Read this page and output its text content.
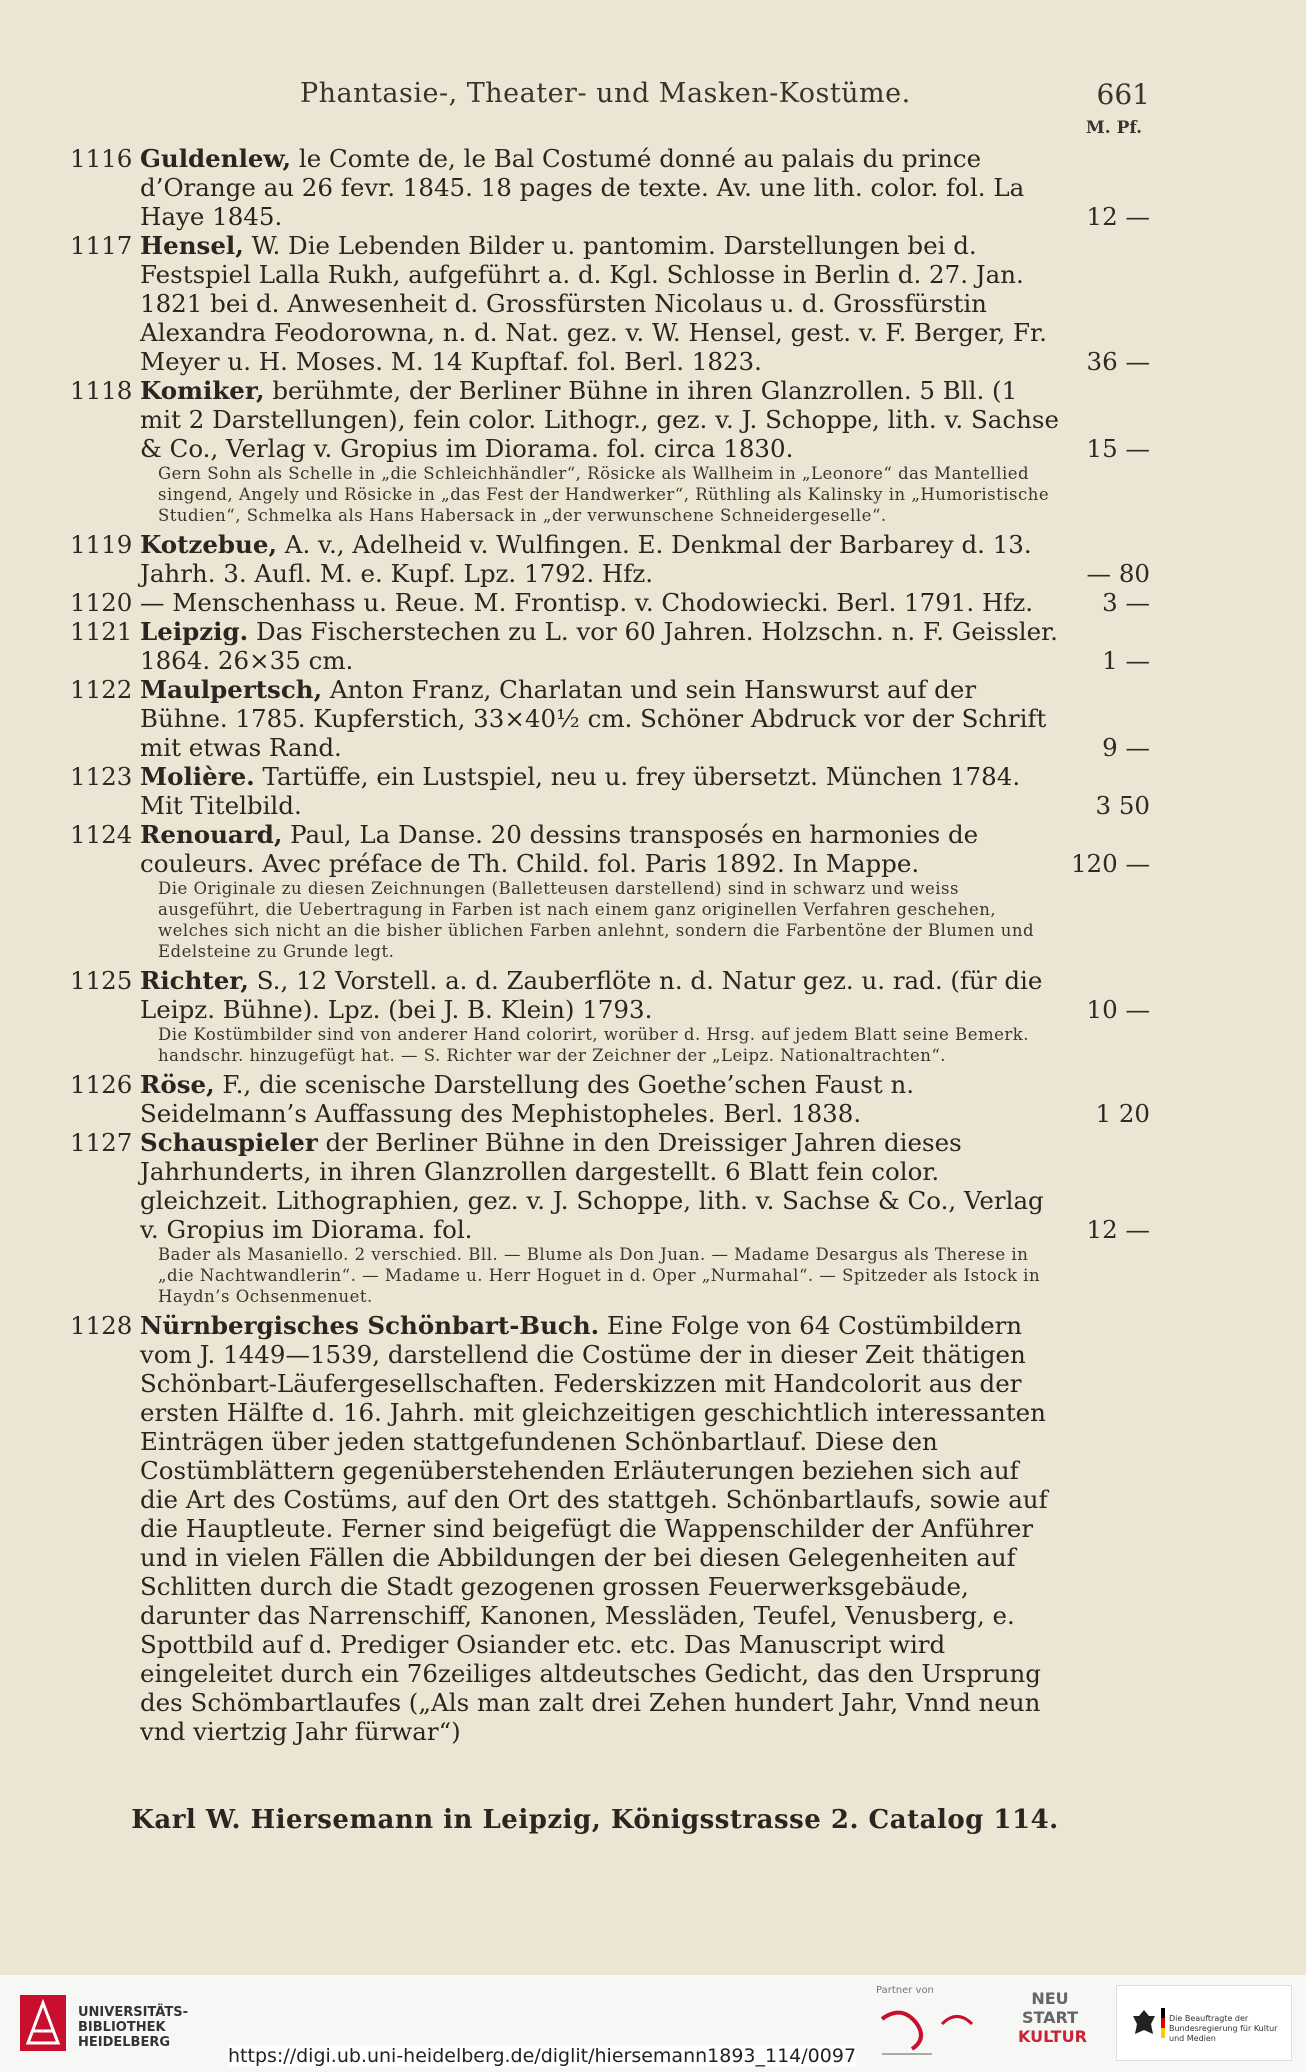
Phantasie-, Theater- und Masken-Kostüme.	661
M. Pf.
1116 Guldenlew, le Comte de, le Bal Costumé donné au palais du prince d’Orange au 26 fevr. 1845. 18 pages de texte. Av. une lith. color. fol. La Haye 1845.	12 —
1117 Hensel, W. Die Lebenden Bilder u. pantomim. Darstellungen bei d. Festspiel Lalla Rukh, aufgeführt a. d. Kgl. Schlosse in Berlin d. 27. Jan. 1821 bei d. Anwesenheit d. Grossfürsten Nicolaus u. d. Grossfürstin Alexandra Feodorowna, n. d. Nat. gez. v. W. Hensel, gest. v. F. Berger, Fr. Meyer u. H. Moses. M. 14 Kupftaf. fol. Berl. 1823.	36 —
1118 Komiker, berühmte, der Berliner Bühne in ihren Glanzrollen. 5 Bll. (1 mit 2 Darstellungen), fein color. Lithogr., gez. v. J. Schoppe, lith. v. Sachse & Co., Verlag v. Gropius im Diorama. fol. circa 1830.	15 —
Gern Sohn als Schelle in „die Schleichhändler“, Rösicke als Wallheim in „Leonore“ das Mantellied singend, Angely und Rösicke in „das Fest der Handwerker“, Rüthling als Kalinsky in „Humoristische Studien“, Schmelka als Hans Habersack in „der verwunschene Schneidergeselle“.
1119 Kotzebue, A. v., Adelheid v. Wulfingen. E. Denkmal der Barbarey d. 13. Jahrh. 3. Aufl. M. e. Kupf. Lpz. 1792. Hfz.	— 80
1120 — Menschenhass u. Reue. M. Frontisp. v. Chodowiecki. Berl. 1791. Hfz.	3 —
1121 Leipzig. Das Fischerstechen zu L. vor 60 Jahren. Holzschn. n. F. Geissler. 1864. 26×35 cm.	1 —
1122 Maulpertsch, Anton Franz, Charlatan und sein Hanswurst auf der Bühne. 1785. Kupferstich, 33×40½ cm. Schöner Abdruck vor der Schrift mit etwas Rand.	9 —
1123 Molière. Tartüffe, ein Lustspiel, neu u. frey übersetzt. München 1784. Mit Titelbild.	3 50
1124 Renouard, Paul, La Danse. 20 dessins transposés en harmonies de couleurs. Avec préface de Th. Child. fol. Paris 1892. In Mappe.	120 —
Die Originale zu diesen Zeichnungen (Balletteusen darstellend) sind in schwarz und weiss ausgeführt, die Uebertragung in Farben ist nach einem ganz originellen Verfahren geschehen, welches sich nicht an die bisher üblichen Farben anlehnt, sondern die Farbentöne der Blumen und Edelsteine zu Grunde legt.
1125 Richter, S., 12 Vorstell. a. d. Zauberflöte n. d. Natur gez. u. rad. (für die Leipz. Bühne). Lpz. (bei J. B. Klein) 1793.	10 —
Die Kostümbilder sind von anderer Hand colorirt, worüber d. Hrsg. auf jedem Blatt seine Bemerk. handschr. hinzugefügt hat. — S. Richter war der Zeichner der „Leipz. Nationaltrachten“.
1126 Röse, F., die scenische Darstellung des Goethe’schen Faust n. Seidelmann’s Auffassung des Mephistopheles. Berl. 1838.	1 20
1127 Schauspieler der Berliner Bühne in den Dreissiger Jahren dieses Jahrhunderts, in ihren Glanzrollen dargestellt. 6 Blatt fein color. gleichzeit. Lithographien, gez. v. J. Schoppe, lith. v. Sachse & Co., Verlag v. Gropius im Diorama. fol.	12 —
Bader als Masaniello. 2 verschied. Bll. — Blume als Don Juan. — Madame Desargus als Therese in „die Nachtwandlerin“. — Madame u. Herr Hoguet in d. Oper „Nurmahal“. — Spitzeder als Istock in Haydn’s Ochsenmenuet.
1128 Nürnbergisches Schönbart-Buch. Eine Folge von 64 Costümbildern vom J. 1449—1539, darstellend die Costüme der in dieser Zeit thätigen Schönbart-Läufergesellschaften. Federskizzen mit Handcolorit aus der ersten Hälfte d. 16. Jahrh. mit gleichzeitigen geschichtlich interessanten Einträgen über jeden stattgefundenen Schönbartlauf. Diese den Costümblättern gegenüberstehenden Erläuterungen beziehen sich auf die Art des Costüms, auf den Ort des stattgeh. Schönbartlaufs, sowie auf die Hauptleute. Ferner sind beigefügt die Wappenschilder der Anführer und in vielen Fällen die Abbildungen der bei diesen Gelegenheiten auf Schlitten durch die Stadt gezogenen grossen Feuerwerksgebäude, darunter das Narrenschiff, Kanonen, Messläden, Teufel, Venusberg, e. Spottbild auf d. Prediger Osiander etc. etc. Das Manuscript wird eingeleitet durch ein 76zeiliges altdeutsches Gedicht, das den Ursprung des Schömbartlaufes („Als man zalt drei Zehen hundert Jahr, Vnnd neun vnd viertzig Jahr fürwar“)
Karl W. Hiersemann in Leipzig, Königsstrasse 2. Catalog 114.
UNIVERSITÄTS-
BIBLIOTHEK
HEIDELBERG
Partner von	NEU
START
KULTUR
Die Beauftragte der Bundesregierung für Kultur und Medien
https://digi.ub.uni-heidelberg.de/diglit/hiersemann1893_114/0097
